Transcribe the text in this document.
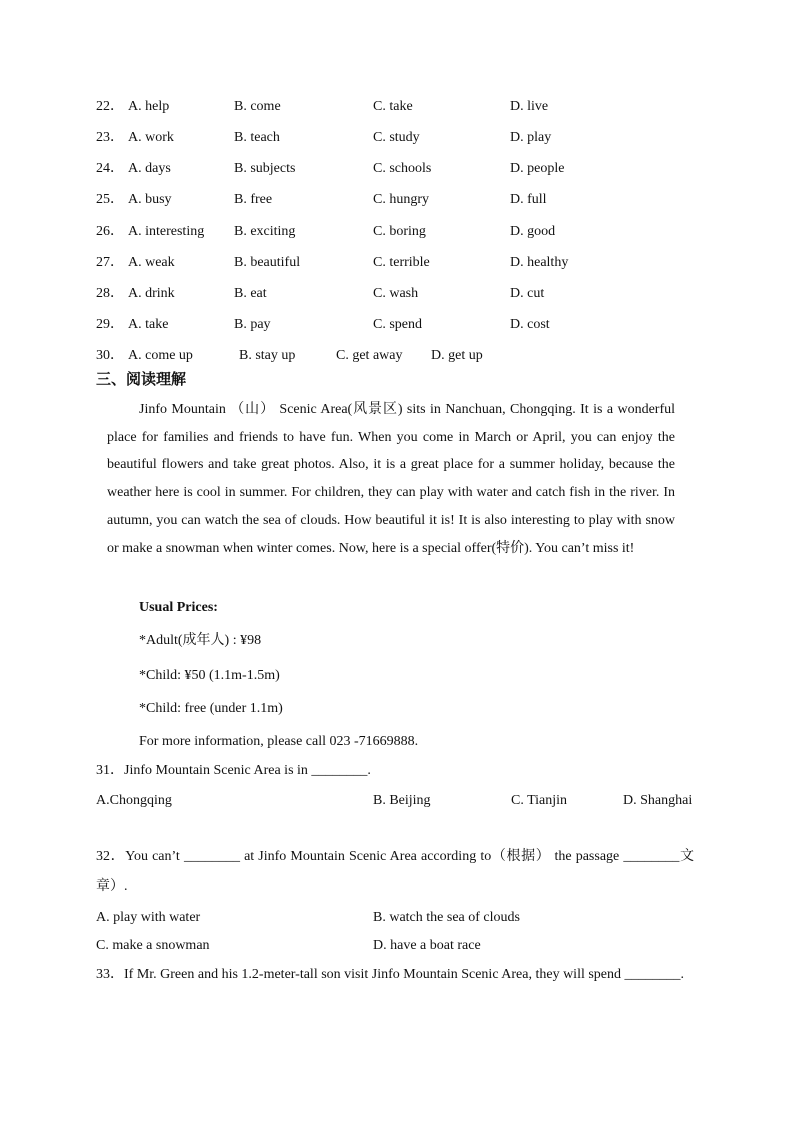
22． A. help	B. come	C. take	D. live
23． A. work	B. teach	C. study	D. play
24． A. days	B. subjects	C. schools	D. people
25． A. busy	B. free	C. hungry	D. full
26． A. interesting B. exciting	C. boring	D. good
27． A. weak	B. beautiful	C. terrible	D. healthy
28． A. drink	B. eat	C. wash	D. cut
29． A. take	B. pay	C. spend	D. cost
30． A. come up	B. stay up	C. get away D. get up
三、阅读理解

Jinfo Mountain （山） Scenic Area(风景区) sits in Nanchuan, Chongqing. It is a wonderful place for families and friends to have fun. When you come in March or April, you can enjoy the beautiful flowers and take great photos. Also, it is a great place for a summer holiday, because the weather here is cool in summer. For children, they can play with water and catch fish in the river. In autumn, you can watch the sea of clouds. How beautiful it is! It is also interesting to play with snow or make a snowman when winter comes. Now, here is a special offer(特价). You can’t miss it!

Usual Prices:
*Adult(成年人) : ¥98
*Child: ¥50 (1.1m-1.5m)
*Child: free (under 1.1m)
For more information, please call 023 -71669888.
31．Jinfo Mountain Scenic Area is in ________.
A.Chongqing	B. Beijing	C. Tianjin	D. Shanghai
32．You can’t ________ at Jinfo Mountain Scenic Area according to（根据） the passage ________文章）.
A. play with water	B. watch the sea of clouds
C. make a snowman	D. have a boat race
33．If Mr. Green and his 1.2-meter-tall son visit Jinfo Mountain Scenic Area, they will spend ________.
